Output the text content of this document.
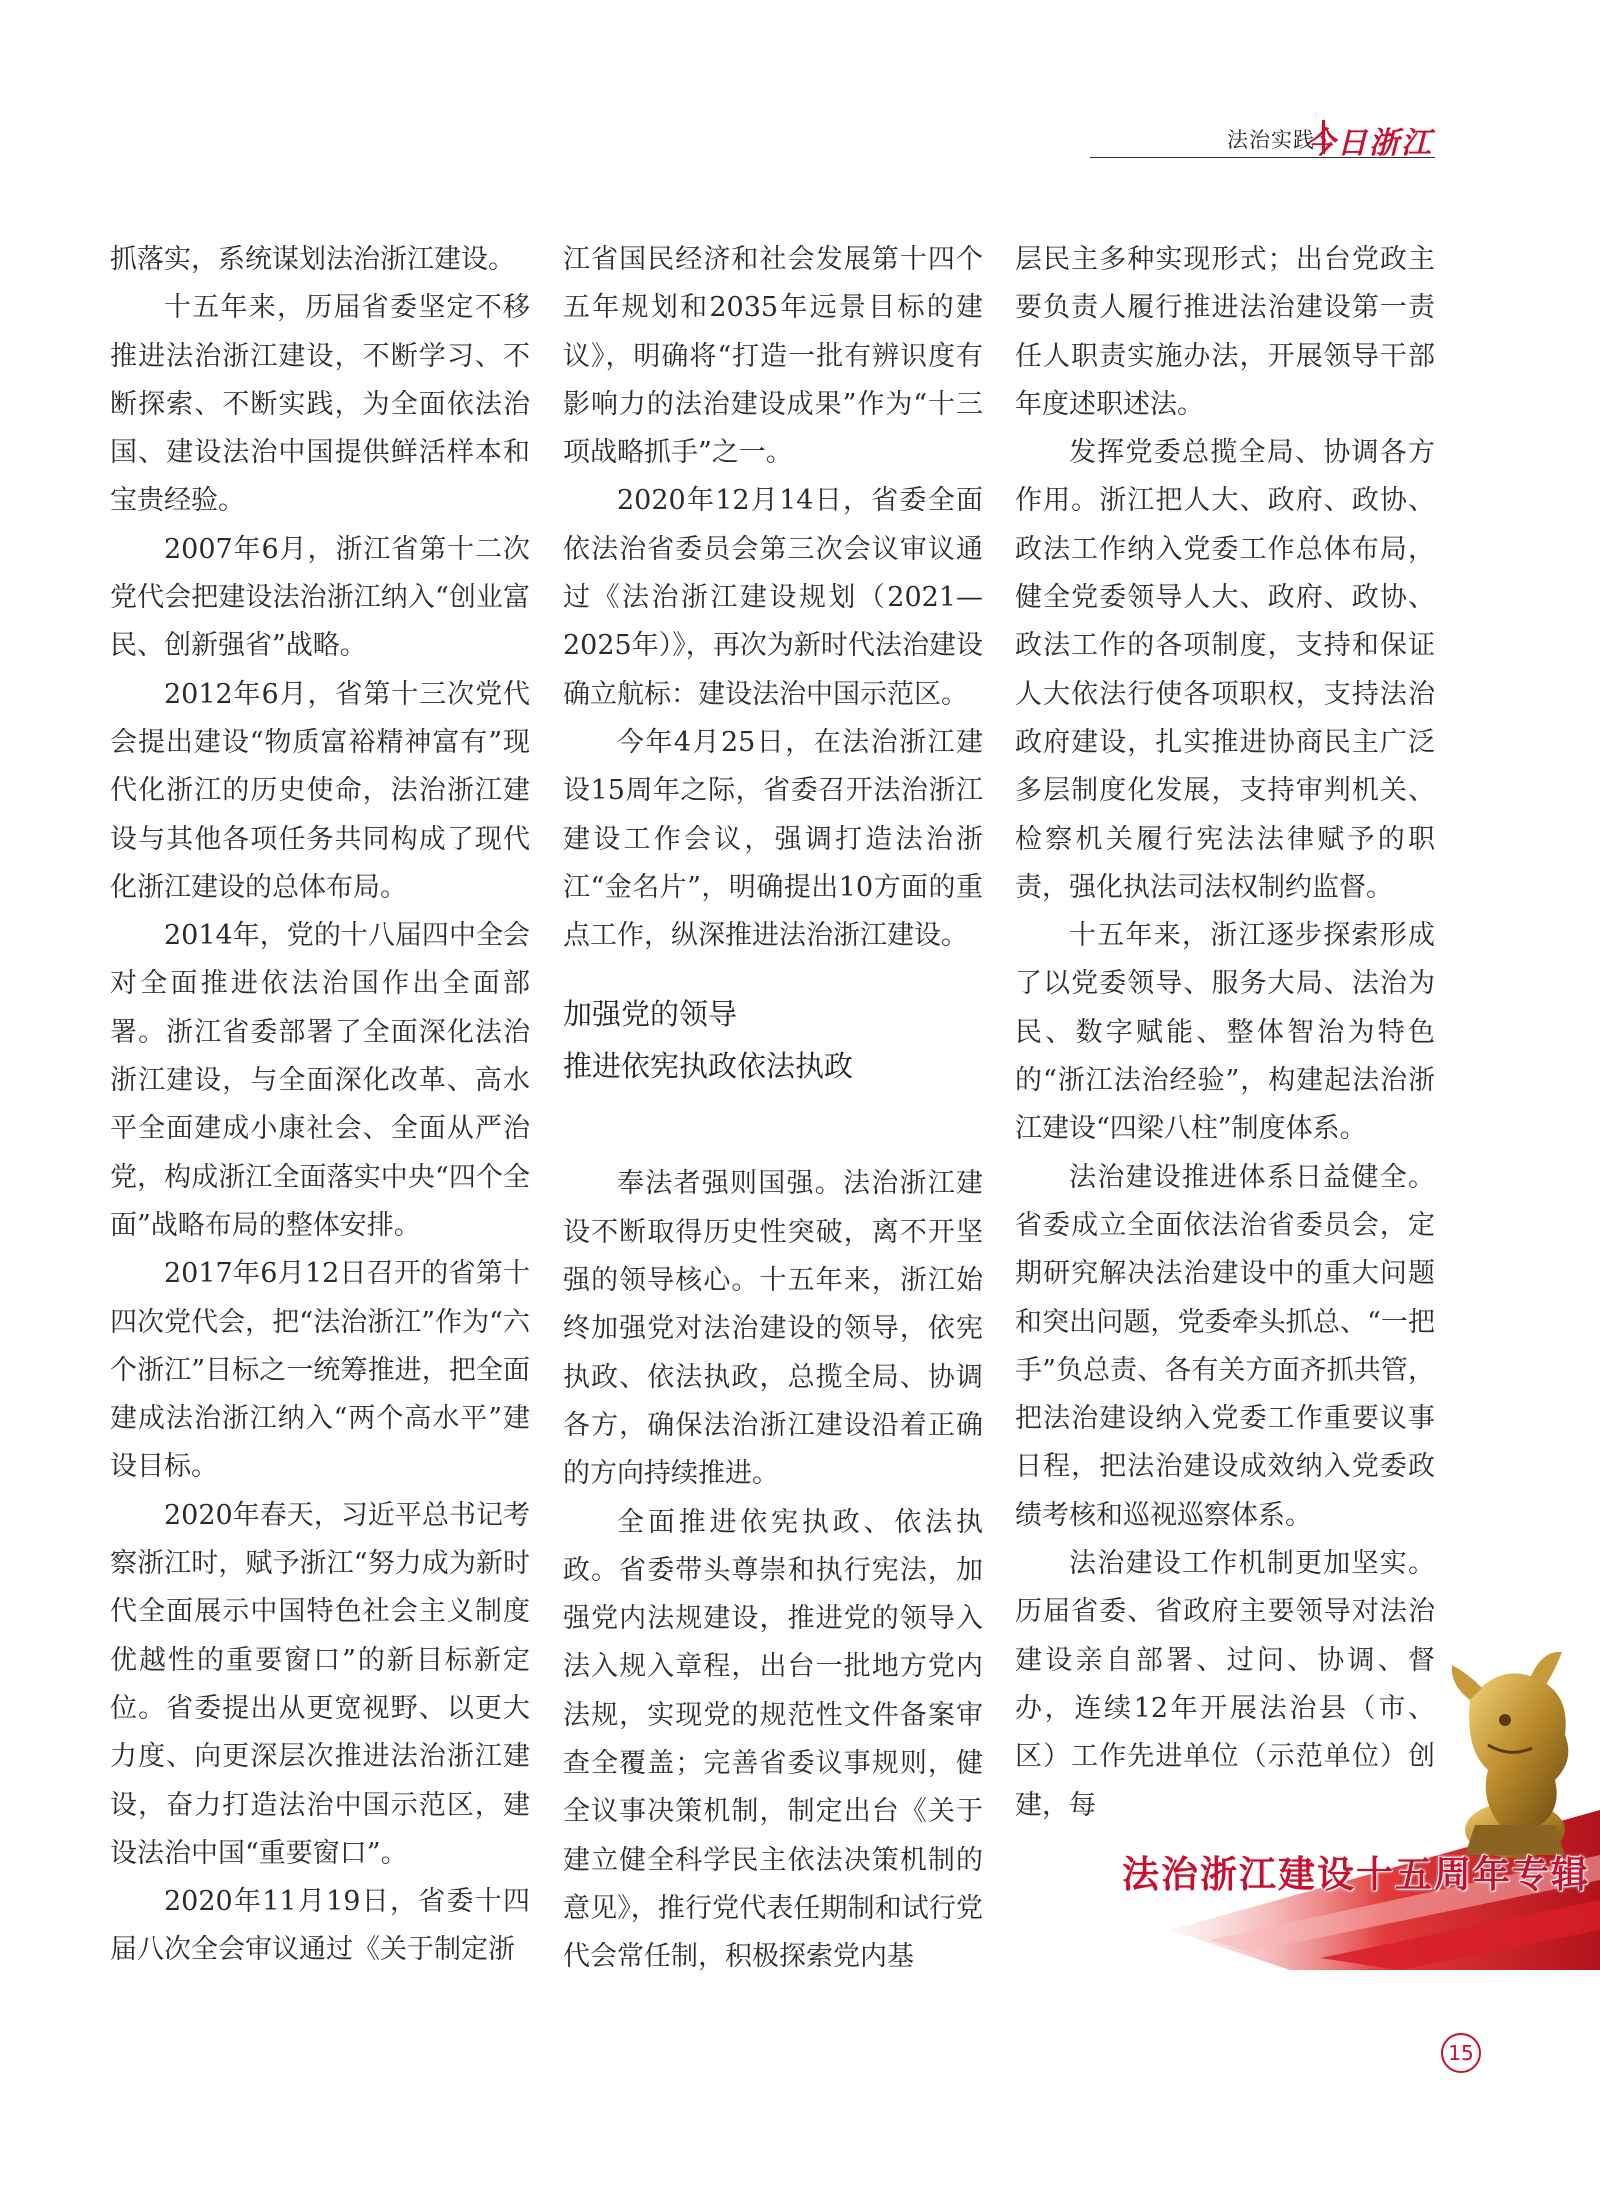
法治实践
今日浙江

抓落实，系统谋划法治浙江建设。

十五年来，历届省委坚定不移推进法治浙江建设，不断学习、不断探索、不断实践，为全面依法治国、建设法治中国提供鲜活样本和宝贵经验。

2007年6月，浙江省第十二次党代会把建设法治浙江纳入“创业富民、创新强省”战略。

2012年6月，省第十三次党代会提出建设“物质富裕精神富有”现代化浙江的历史使命，法治浙江建设与其他各项任务共同构成了现代化浙江建设的总体布局。

2014年，党的十八届四中全会对全面推进依法治国作出全面部署。浙江省委部署了全面深化法治浙江建设，与全面深化改革、高水平全面建成小康社会、全面从严治党，构成浙江全面落实中央“四个全面”战略布局的整体安排。

2017年6月12日召开的省第十四次党代会，把“法治浙江”作为“六个浙江”目标之一统筹推进，把全面建成法治浙江纳入“两个高水平”建设目标。

2020年春天，习近平总书记考察浙江时，赋予浙江“努力成为新时代全面展示中国特色社会主义制度优越性的重要窗口”的新目标新定位。省委提出从更宽视野、以更大力度、向更深层次推进法治浙江建设，奋力打造法治中国示范区，建设法治中国“重要窗口”。

2020年11月19日，省委十四届八次全会审议通过《关于制定浙

江省国民经济和社会发展第十四个五年规划和2035年远景目标的建议》，明确将“打造一批有辨识度有影响力的法治建设成果”作为“十三项战略抓手”之一。

2020年12月14日，省委全面依法治省委员会第三次会议审议通过《法治浙江建设规划（2021—2025年）》，再次为新时代法治建设确立航标：建设法治中国示范区。

今年4月25日，在法治浙江建设15周年之际，省委召开法治浙江建设工作会议，强调打造法治浙江“金名片”，明确提出10方面的重点工作，纵深推进法治浙江建设。

加强党的领导
推进依宪执政依法执政

奉法者强则国强。法治浙江建设不断取得历史性突破，离不开坚强的领导核心。十五年来，浙江始终加强党对法治建设的领导，依宪执政、依法执政，总揽全局、协调各方，确保法治浙江建设沿着正确的方向持续推进。

全面推进依宪执政、依法执政。省委带头尊崇和执行宪法，加强党内法规建设，推进党的领导入法入规入章程，出台一批地方党内法规，实现党的规范性文件备案审查全覆盖；完善省委议事规则，健全议事决策机制，制定出台《关于建立健全科学民主依法决策机制的意见》，推行党代表任期制和试行党代会常任制，积极探索党内基

层民主多种实现形式；出台党政主要负责人履行推进法治建设第一责任人职责实施办法，开展领导干部年度述职述法。

发挥党委总揽全局、协调各方作用。浙江把人大、政府、政协、政法工作纳入党委工作总体布局，健全党委领导人大、政府、政协、政法工作的各项制度，支持和保证人大依法行使各项职权，支持法治政府建设，扎实推进协商民主广泛多层制度化发展，支持审判机关、检察机关履行宪法法律赋予的职责，强化执法司法权制约监督。

十五年来，浙江逐步探索形成了以党委领导、服务大局、法治为民、数字赋能、整体智治为特色的“浙江法治经验”，构建起法治浙江建设“四梁八柱”制度体系。

法治建设推进体系日益健全。省委成立全面依法治省委员会，定期研究解决法治建设中的重大问题和突出问题，党委牵头抓总、“一把手”负总责、各有关方面齐抓共管，把法治建设纳入党委工作重要议事日程，把法治建设成效纳入党委政绩考核和巡视巡察体系。

法治建设工作机制更加坚实。历届省委、省政府主要领导对法治建设亲自部署、过问、协调、督办，连续12年开展法治县（市、区）工作先进单位（示范单位）创建，每

法治浙江建设十五周年专辑
15
